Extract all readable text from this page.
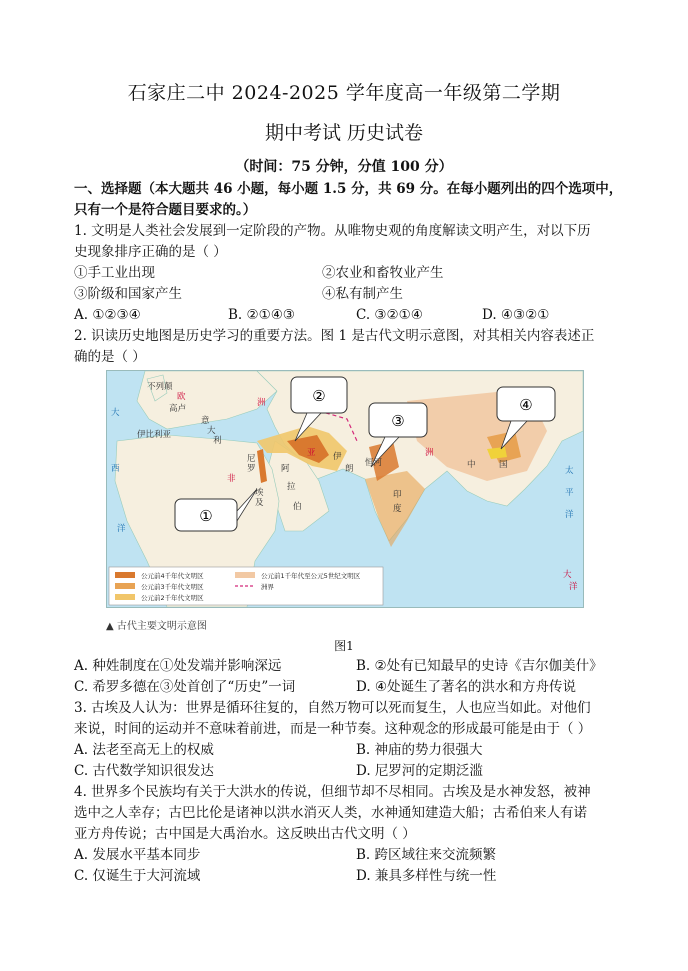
石家庄二中 2024-2025 学年度高一年级第二学期
期中考试 历史试卷
（时间：75 分钟，分值 100 分）
一、选择题（本大题共 46 小题，每小题 1.5 分，共 69 分。在每小题列出的四个选项中，
只有一个是符合题目要求的。）
1. 文明是人类社会发展到一定阶段的产物。从唯物史观的角度解读文明产生，对以下历
史现象排序正确的是（ ）
①手工业出现	②农业和畜牧业产生
③阶级和国家产生	④私有制产生
A. ①②③④	B. ②①④③	C. ③②①④	D. ④③②①
2. 识读历史地图是历史学习的重要方法。图 1 是古代文明示意图，对其相关内容表述正
确的是（ ）
①
②
③
④
不列颠
高卢
伊比利亚
意
大
利
非
大
西
洋
欧
洲
亚 伊
朗
埃
及
阿
拉
伯
印
度
恒河	中	国
太
平
洋
洲
大
洋
尼
罗
公元前4千年代文明区
公元前3千年代文明区
公元前2千年代文明区
公元前1千年代至公元5世纪文明区
洲界
▲ 古代主要文明示意图
图1
A. 种姓制度在①处发端并影响深远	B. ②处有已知最早的史诗《吉尔伽美什》
C. 希罗多德在③处首创了“历史”一词	D. ④处诞生了著名的洪水和方舟传说
3. 古埃及人认为：世界是循环往复的，自然万物可以死而复生，人也应当如此。对他们
来说，时间的运动并不意味着前进，而是一种节奏。这种观念的形成最可能是由于（ ）
A. 法老至高无上的权威	B. 神庙的势力很强大
C. 古代数学知识很发达	D. 尼罗河的定期泛滥
4. 世界多个民族均有关于大洪水的传说，但细节却不尽相同。古埃及是水神发怒，被神
选中之人幸存；古巴比伦是诸神以洪水消灭人类，水神通知建造大船；古希伯来人有诺
亚方舟传说；古中国是大禹治水。这反映出古代文明（ ）
A. 发展水平基本同步	B. 跨区域往来交流频繁
C. 仅诞生于大河流域	D. 兼具多样性与统一性
